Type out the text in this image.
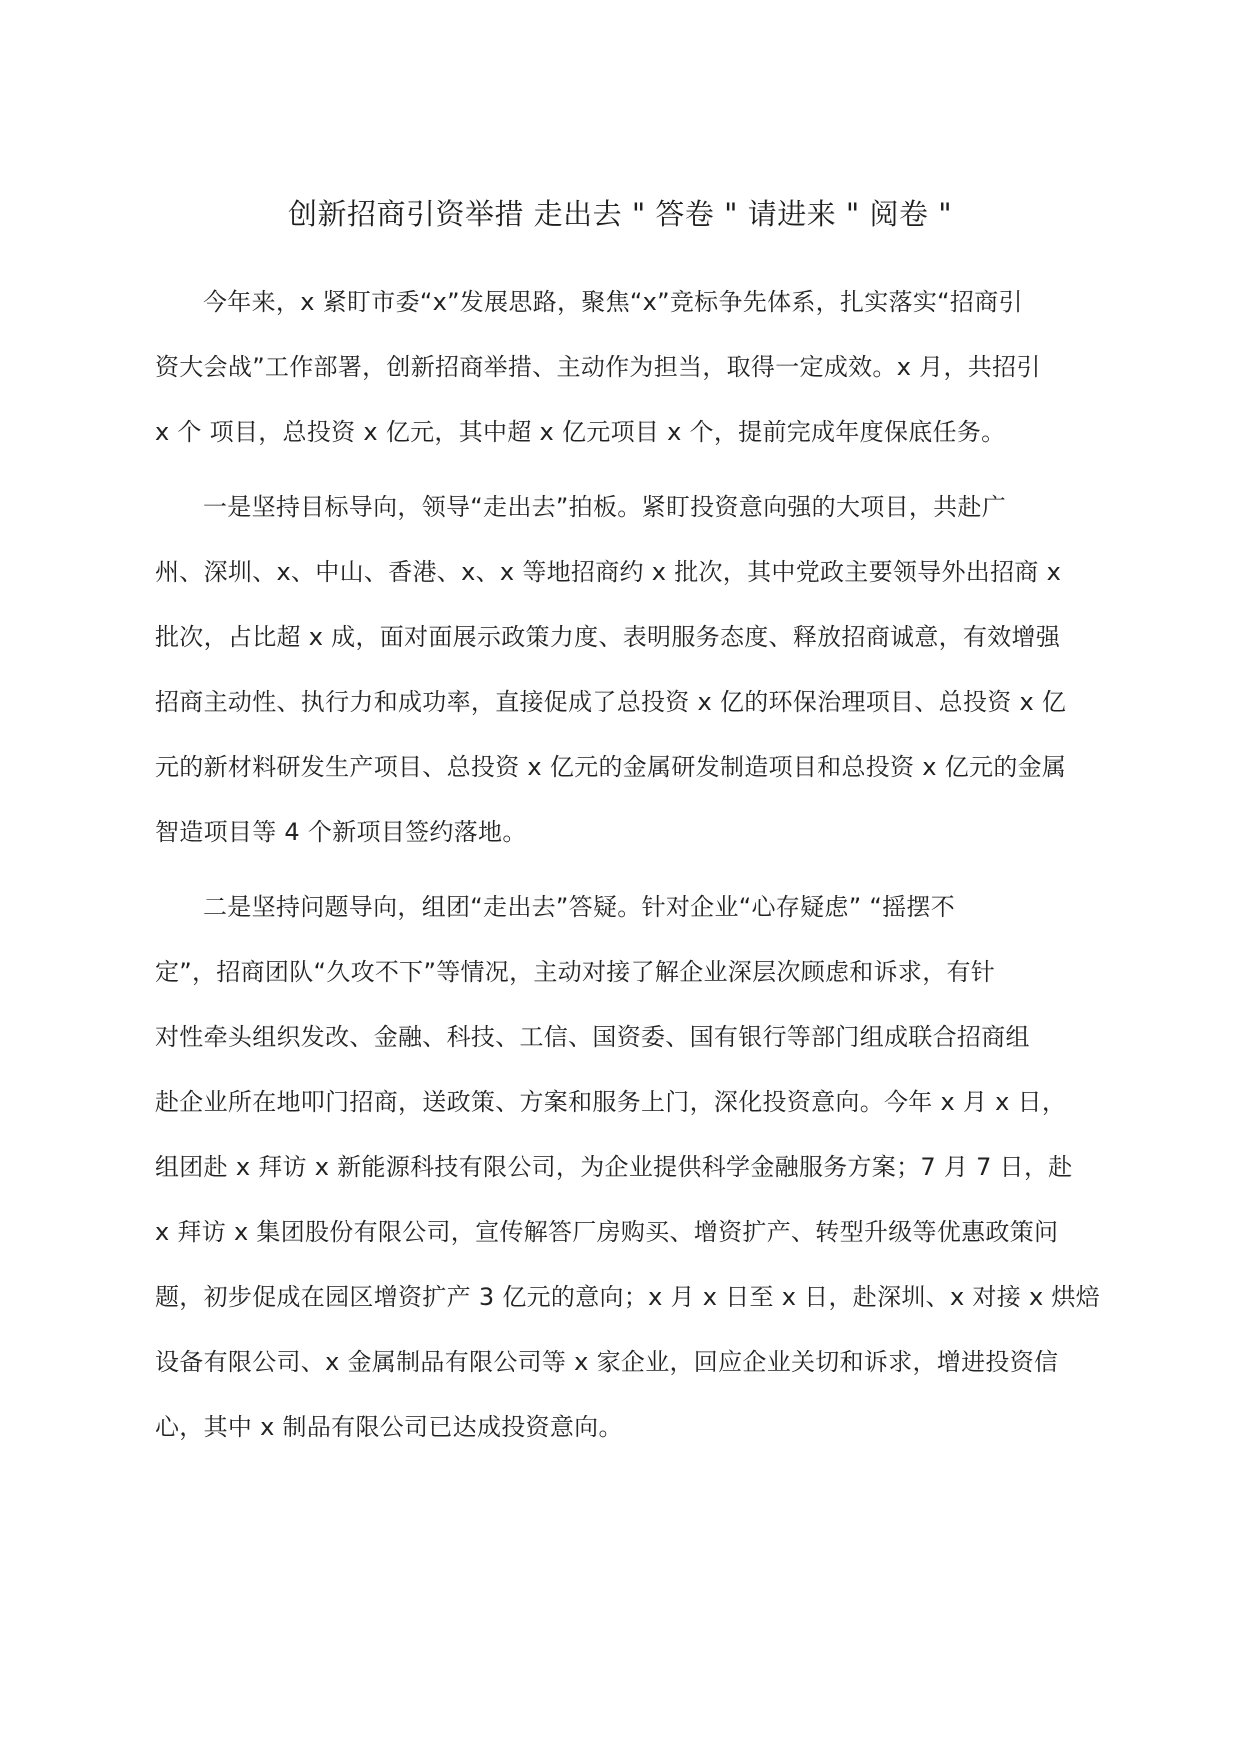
创新招商引资举措 走出去 " 答卷 " 请进来 " 阅卷 "

今年来，x 紧盯市委“x”发展思路，聚焦“x”竞标争先体系，扎实落实“招商引
资大会战”工作部署，创新招商举措、主动作为担当，取得一定成效。x 月，共招引
x 个 项目，总投资 x 亿元，其中超 x 亿元项目 x 个，提前完成年度保底任务。

一是坚持目标导向，领导“走出去”拍板。紧盯投资意向强的大项目，共赴广
州、深圳、x、中山、香港、x、x 等地招商约 x 批次，其中党政主要领导外出招商 x
批次，占比超 x 成，面对面展示政策力度、表明服务态度、释放招商诚意，有效增强
招商主动性、执行力和成功率，直接促成了总投资 x 亿的环保治理项目、总投资 x 亿
元的新材料研发生产项目、总投资 x 亿元的金属研发制造项目和总投资 x 亿元的金属
智造项目等 4 个新项目签约落地。

二是坚持问题导向，组团“走出去”答疑。针对企业“心存疑虑” “摇摆不
定”，招商团队“久攻不下”等情况，主动对接了解企业深层次顾虑和诉求，有针
对性牵头组织发改、金融、科技、工信、国资委、国有银行等部门组成联合招商组
赴企业所在地叩门招商，送政策、方案和服务上门，深化投资意向。今年 x 月 x 日，
组团赴 x 拜访 x 新能源科技有限公司，为企业提供科学金融服务方案；7 月 7 日，赴
x 拜访 x 集团股份有限公司，宣传解答厂房购买、增资扩产、转型升级等优惠政策问
题，初步促成在园区增资扩产 3 亿元的意向；x 月 x 日至 x 日，赴深圳、x 对接 x 烘焙
设备有限公司、x 金属制品有限公司等 x 家企业，回应企业关切和诉求，增进投资信
心，其中 x 制品有限公司已达成投资意向。
